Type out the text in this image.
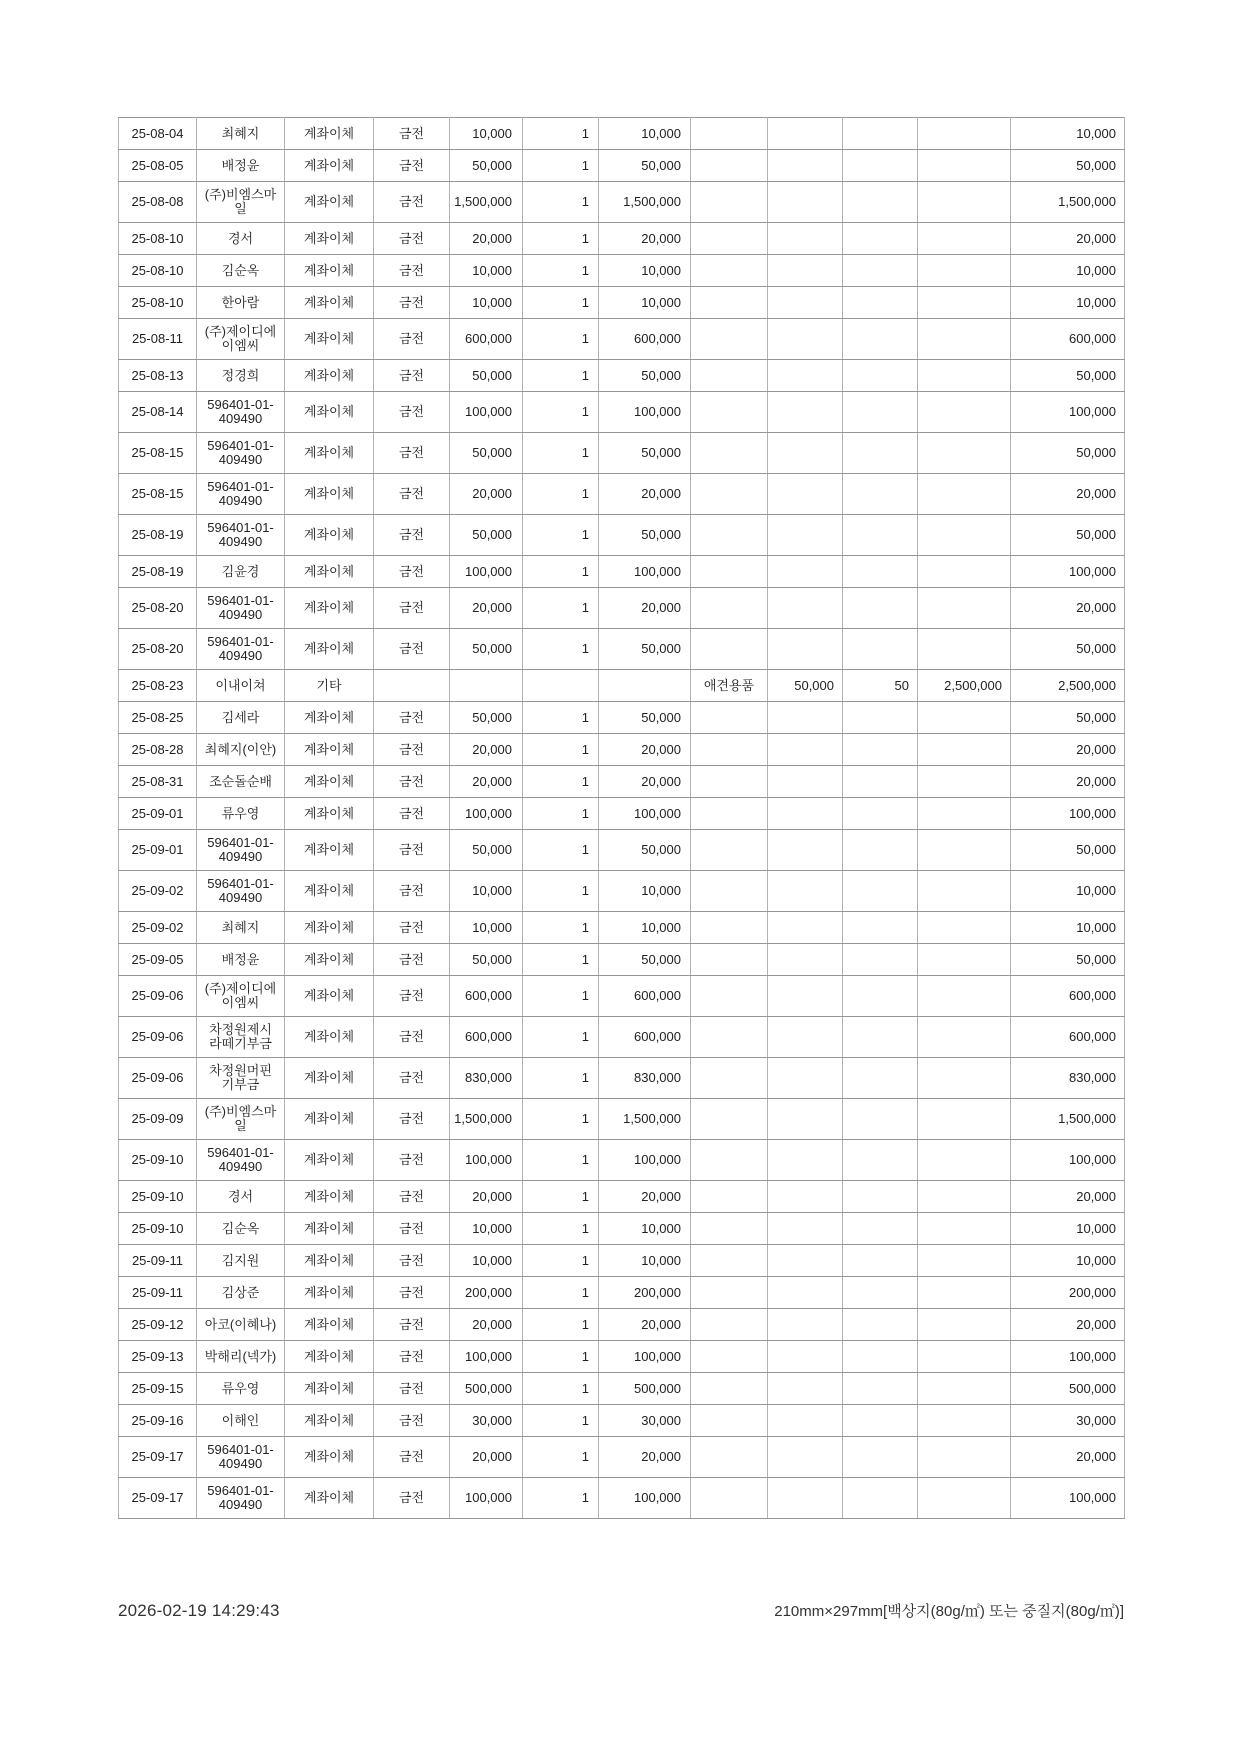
25-08-04	최혜지	계좌이체	금전	10,000	1	10,000					10,000
25-08-05	배정윤	계좌이체	금전	50,000	1	50,000					50,000
25-08-08	(주)비엠스마일	계좌이체	금전	1,500,000	1	1,500,000					1,500,000
25-08-10	경서	계좌이체	금전	20,000	1	20,000					20,000
25-08-10	김순옥	계좌이체	금전	10,000	1	10,000					10,000
25-08-10	한아람	계좌이체	금전	10,000	1	10,000					10,000
25-08-11	(주)제이디에이엠씨	계좌이체	금전	600,000	1	600,000					600,000
25-08-13	정경희	계좌이체	금전	50,000	1	50,000					50,000
25-08-14	596401-01-409490	계좌이체	금전	100,000	1	100,000					100,000
25-08-15	596401-01-409490	계좌이체	금전	50,000	1	50,000					50,000
25-08-15	596401-01-409490	계좌이체	금전	20,000	1	20,000					20,000
25-08-19	596401-01-409490	계좌이체	금전	50,000	1	50,000					50,000
25-08-19	김윤경	계좌이체	금전	100,000	1	100,000					100,000
25-08-20	596401-01-409490	계좌이체	금전	20,000	1	20,000					20,000
25-08-20	596401-01-409490	계좌이체	금전	50,000	1	50,000					50,000
25-08-23	이내이쳐	기타					애견용품	50,000	50	2,500,000	2,500,000
25-08-25	김세라	계좌이체	금전	50,000	1	50,000					50,000
25-08-28	최혜지(이안)	계좌이체	금전	20,000	1	20,000					20,000
25-08-31	조순돌순배	계좌이체	금전	20,000	1	20,000					20,000
25-09-01	류우영	계좌이체	금전	100,000	1	100,000					100,000
25-09-01	596401-01-409490	계좌이체	금전	50,000	1	50,000					50,000
25-09-02	596401-01-409490	계좌이체	금전	10,000	1	10,000					10,000
25-09-02	최혜지	계좌이체	금전	10,000	1	10,000					10,000
25-09-05	배정윤	계좌이체	금전	50,000	1	50,000					50,000
25-09-06	(주)제이디에이엠씨	계좌이체	금전	600,000	1	600,000					600,000
25-09-06	차정원제시라떼기부금	계좌이체	금전	600,000	1	600,000					600,000
25-09-06	차정원머핀기부금	계좌이체	금전	830,000	1	830,000					830,000
25-09-09	(주)비엠스마일	계좌이체	금전	1,500,000	1	1,500,000					1,500,000
25-09-10	596401-01-409490	계좌이체	금전	100,000	1	100,000					100,000
25-09-10	경서	계좌이체	금전	20,000	1	20,000					20,000
25-09-10	김순옥	계좌이체	금전	10,000	1	10,000					10,000
25-09-11	김지원	계좌이체	금전	10,000	1	10,000					10,000
25-09-11	김상준	계좌이체	금전	200,000	1	200,000					200,000
25-09-12	아코(이혜나)	계좌이체	금전	20,000	1	20,000					20,000
25-09-13	박해리(넥가)	계좌이체	금전	100,000	1	100,000					100,000
25-09-15	류우영	계좌이체	금전	500,000	1	500,000					500,000
25-09-16	이해인	계좌이체	금전	30,000	1	30,000					30,000
25-09-17	596401-01-409490	계좌이체	금전	20,000	1	20,000					20,000
25-09-17	596401-01-409490	계좌이체	금전	100,000	1	100,000					100,000
2026-02-19 14:29:43	210mm×297mm[백상지(80g/㎡) 또는 중질지(80g/㎡)]
